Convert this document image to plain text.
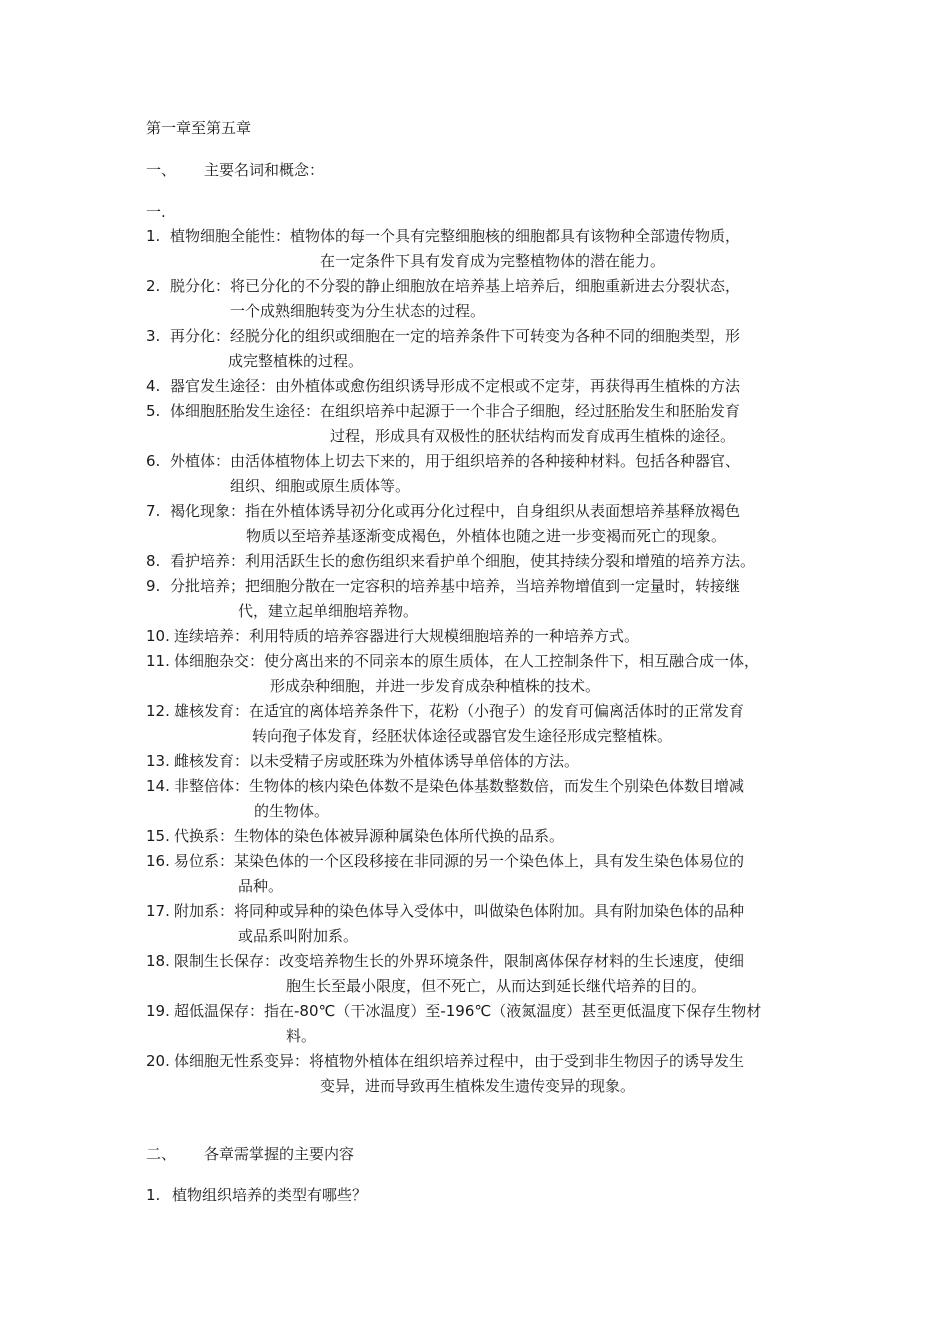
第一章至第五章
一、 主要名词和概念：
一.
1. 植物细胞全能性：植物体的每一个具有完整细胞核的细胞都具有该物种全部遗传物质，
在一定条件下具有发育成为完整植物体的潜在能力。
2. 脱分化：将已分化的不分裂的静止细胞放在培养基上培养后，细胞重新进去分裂状态，
一个成熟细胞转变为分生状态的过程。
3. 再分化：经脱分化的组织或细胞在一定的培养条件下可转变为各种不同的细胞类型，形
成完整植株的过程。
4. 器官发生途径：由外植体或愈伤组织诱导形成不定根或不定芽，再获得再生植株的方法
5. 体细胞胚胎发生途径：在组织培养中起源于一个非合子细胞，经过胚胎发生和胚胎发育
过程，形成具有双极性的胚状结构而发育成再生植株的途径。
6. 外植体：由活体植物体上切去下来的，用于组织培养的各种接种材料。包括各种器官、
组织、细胞或原生质体等。
7. 褐化现象：指在外植体诱导初分化或再分化过程中，自身组织从表面想培养基释放褐色
物质以至培养基逐渐变成褐色，外植体也随之进一步变褐而死亡的现象。
8. 看护培养：利用活跃生长的愈伤组织来看护单个细胞，使其持续分裂和增殖的培养方法。
9. 分批培养；把细胞分散在一定容积的培养基中培养，当培养物增值到一定量时，转接继
代，建立起单细胞培养物。
10. 连续培养：利用特质的培养容器进行大规模细胞培养的一种培养方式。
11. 体细胞杂交：使分离出来的不同亲本的原生质体，在人工控制条件下，相互融合成一体，
形成杂种细胞，并进一步发育成杂种植株的技术。
12. 雄核发育：在适宜的离体培养条件下，花粉（小孢子）的发育可偏离活体时的正常发育
转向孢子体发育，经胚状体途径或器官发生途径形成完整植株。
13. 雌核发育：以未受精子房或胚珠为外植体诱导单倍体的方法。
14. 非整倍体：生物体的核内染色体数不是染色体基数整数倍，而发生个别染色体数目增减
的生物体。
15. 代换系：生物体的染色体被异源种属染色体所代换的品系。
16. 易位系：某染色体的一个区段移接在非同源的另一个染色体上，具有发生染色体易位的
品种。
17. 附加系：将同种或异种的染色体导入受体中，叫做染色体附加。具有附加染色体的品种
或品系叫附加系。
18. 限制生长保存：改变培养物生长的外界环境条件，限制离体保存材料的生长速度，使细
胞生长至最小限度，但不死亡，从而达到延长继代培养的目的。
19. 超低温保存：指在-80℃（干冰温度）至-196℃（液氮温度）甚至更低温度下保存生物材
料。
20. 体细胞无性系变异：将植物外植体在组织培养过程中，由于受到非生物因子的诱导发生
变异，进而导致再生植株发生遗传变异的现象。
二、 各章需掌握的主要内容
1. 植物组织培养的类型有哪些？
